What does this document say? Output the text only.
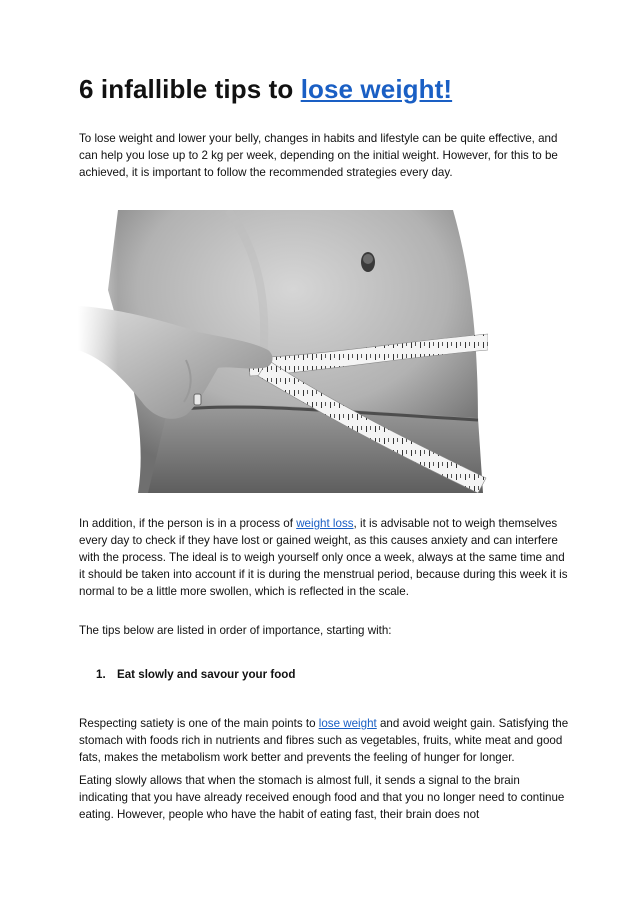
6 infallible tips to lose weight!

To lose weight and lower your belly, changes in habits and lifestyle can be quite effective, and can help you lose up to 2 kg per week, depending on the initial weight. However, for this to be achieved, it is important to follow the recommended strategies every day.

In addition, if the person is in a process of weight loss, it is advisable not to weigh themselves every day to check if they have lost or gained weight, as this causes anxiety and can interfere with the process. The ideal is to weigh yourself only once a week, always at the same time and it should be taken into account if it is during the menstrual period, because during this week it is normal to be a little more swollen, which is reflected in the scale.

The tips below are listed in order of importance, starting with:

1. Eat slowly and savour your food

Respecting satiety is one of the main points to lose weight and avoid weight gain. Satisfying the stomach with foods rich in nutrients and fibres such as vegetables, fruits, white meat and good fats, makes the metabolism work better and prevents the feeling of hunger for longer.

Eating slowly allows that when the stomach is almost full, it sends a signal to the brain indicating that you have already received enough food and that you no longer need to continue eating. However, people who have the habit of eating fast, their brain does not
